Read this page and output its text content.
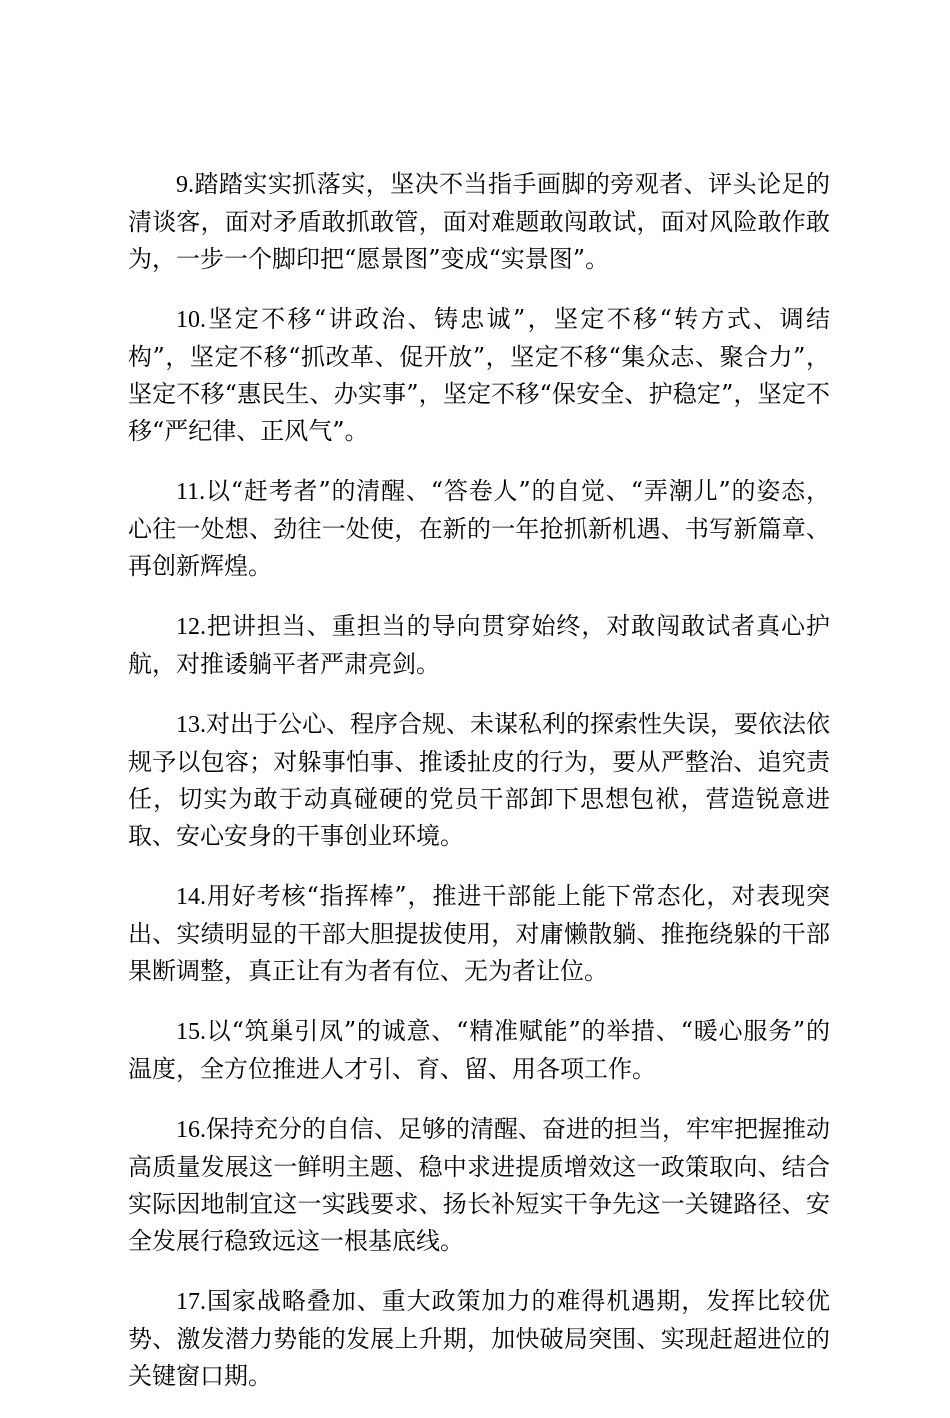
9.踏踏实实抓落实，坚决不当指手画脚的旁观者、评头论足的清谈客，面对矛盾敢抓敢管，面对难题敢闯敢试，面对风险敢作敢为，一步一个脚印把“愿景图”变成“实景图”。

10.坚定不移“讲政治、铸忠诚”，坚定不移“转方式、调结构”，坚定不移“抓改革、促开放”，坚定不移“集众志、聚合力”，坚定不移“惠民生、办实事”，坚定不移“保安全、护稳定”，坚定不移“严纪律、正风气”。

11.以“赶考者”的清醒、“答卷人”的自觉、“弄潮儿”的姿态，心往一处想、劲往一处使，在新的一年抢抓新机遇、书写新篇章、再创新辉煌。

12.把讲担当、重担当的导向贯穿始终，对敢闯敢试者真心护航，对推诿躺平者严肃亮剑。

13.对出于公心、程序合规、未谋私利的探索性失误，要依法依规予以包容；对躲事怕事、推诿扯皮的行为，要从严整治、追究责任，切实为敢于动真碰硬的党员干部卸下思想包袱，营造锐意进取、安心安身的干事创业环境。

14.用好考核“指挥棒”，推进干部能上能下常态化，对表现突出、实绩明显的干部大胆提拔使用，对庸懒散躺、推拖绕躲的干部果断调整，真正让有为者有位、无为者让位。

15.以“筑巢引凤”的诚意、“精准赋能”的举措、“暖心服务”的温度，全方位推进人才引、育、留、用各项工作。

16.保持充分的自信、足够的清醒、奋进的担当，牢牢把握推动高质量发展这一鲜明主题、稳中求进提质增效这一政策取向、结合实际因地制宜这一实践要求、扬长补短实干争先这一关键路径、安全发展行稳致远这一根基底线。

17.国家战略叠加、重大政策加力的难得机遇期，发挥比较优势、激发潜力势能的发展上升期，加快破局突围、实现赶超进位的关键窗口期。
